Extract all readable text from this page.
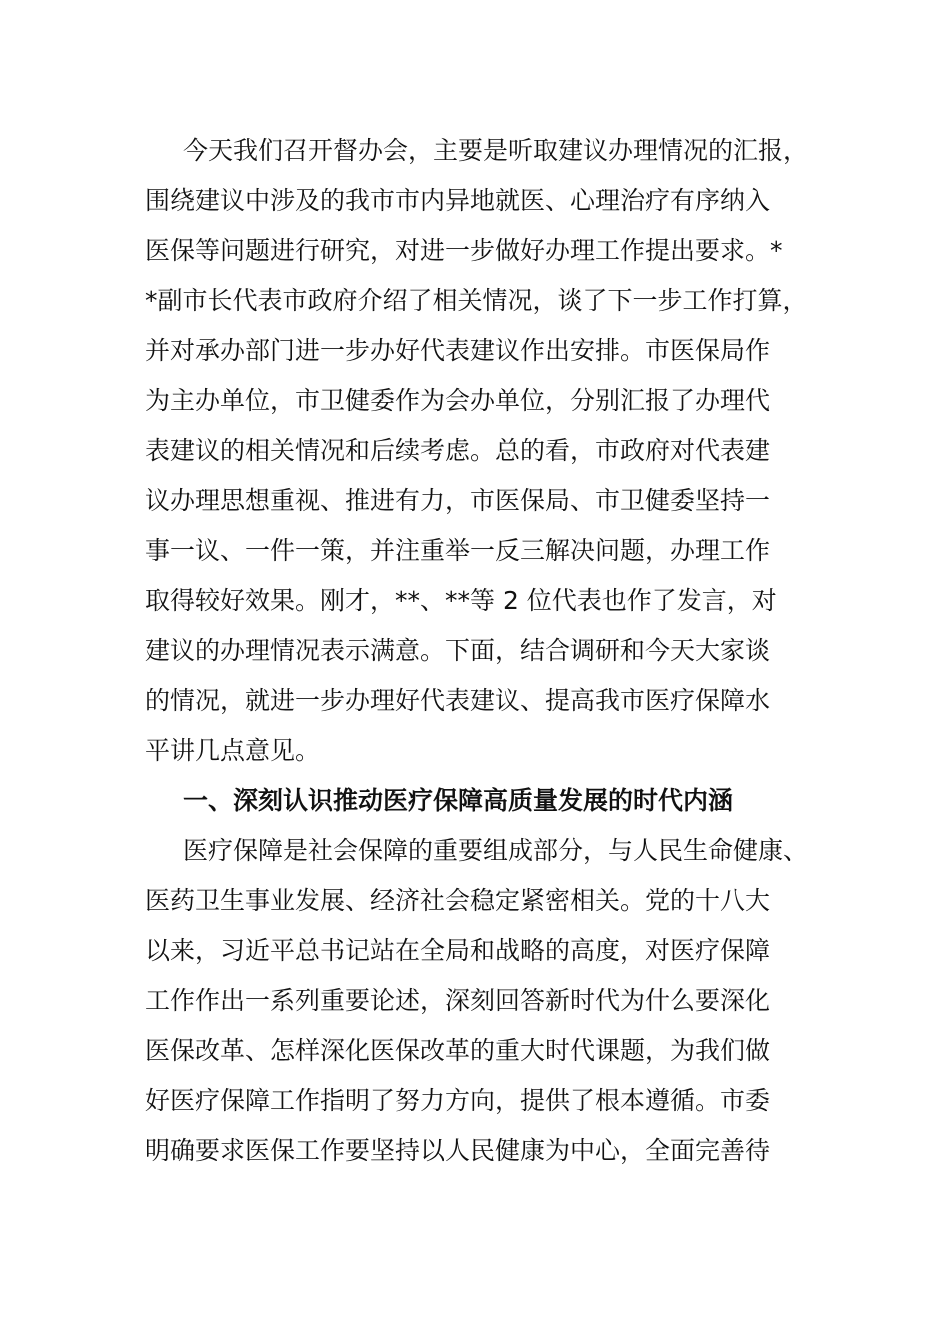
今天我们召开督办会，主要是听取建议办理情况的汇报，
围绕建议中涉及的我市市内异地就医、心理治疗有序纳入
医保等问题进行研究，对进一步做好办理工作提出要求。*
*副市长代表市政府介绍了相关情况，谈了下一步工作打算，
并对承办部门进一步办好代表建议作出安排。市医保局作
为主办单位，市卫健委作为会办单位，分别汇报了办理代
表建议的相关情况和后续考虑。总的看，市政府对代表建
议办理思想重视、推进有力，市医保局、市卫健委坚持一
事一议、一件一策，并注重举一反三解决问题，办理工作
取得较好效果。刚才，**、**等 2 位代表也作了发言，对
建议的办理情况表示满意。下面，结合调研和今天大家谈
的情况，就进一步办理好代表建议、提高我市医疗保障水
平讲几点意见。
一、深刻认识推动医疗保障高质量发展的时代内涵
医疗保障是社会保障的重要组成部分，与人民生命健康、
医药卫生事业发展、经济社会稳定紧密相关。党的十八大
以来，习近平总书记站在全局和战略的高度，对医疗保障
工作作出一系列重要论述，深刻回答新时代为什么要深化
医保改革、怎样深化医保改革的重大时代课题，为我们做
好医疗保障工作指明了努力方向，提供了根本遵循。市委
明确要求医保工作要坚持以人民健康为中心，全面完善待
